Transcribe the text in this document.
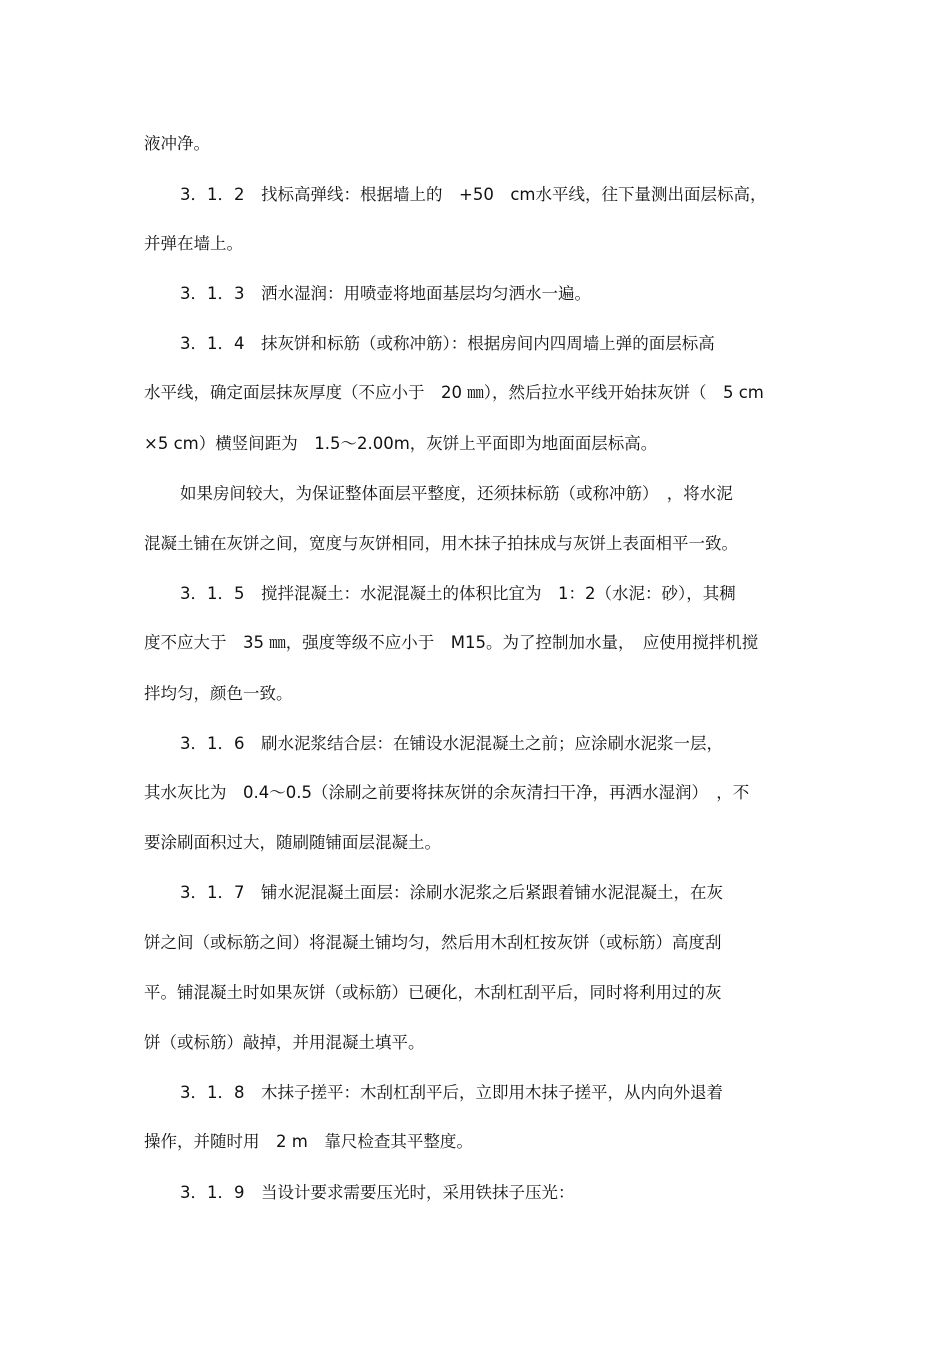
液冲净。
3．1．2　找标高弹线：根据墙上的　+50　cm水平线，往下量测出面层标高，
并弹在墙上。
3．1．3　洒水湿润：用喷壶将地面基层均匀洒水一遍。
3．1．4　抹灰饼和标筋（或称冲筋）：根据房间内四周墙上弹的面层标高
水平线，确定面层抹灰厚度（不应小于　20 ㎜），然后拉水平线开始抹灰饼（　5 cm
×5 cm）横竖间距为　1.5～2.00m，灰饼上平面即为地面面层标高。
如果房间较大，为保证整体面层平整度，还须抹标筋（或称冲筋）　，将水泥
混凝土铺在灰饼之间，宽度与灰饼相同，用木抹子拍抹成与灰饼上表面相平一致。
3．1．5　搅拌混凝土：水泥混凝土的体积比宜为　1：2（水泥：砂），其稠
度不应大于　35 ㎜，强度等级不应小于　M15。为了控制加水量，　应使用搅拌机搅
拌均匀，颜色一致。
3．1．6　刷水泥浆结合层：在铺设水泥混凝土之前；应涂刷水泥浆一层，
其水灰比为　0.4～0.5（涂刷之前要将抹灰饼的余灰清扫干净，再洒水湿润）　，不
要涂刷面积过大，随刷随铺面层混凝土。
3．1．7　铺水泥混凝土面层：涂刷水泥浆之后紧跟着铺水泥混凝土，在灰
饼之间（或标筋之间）将混凝土铺均匀，然后用木刮杠按灰饼（或标筋）高度刮
平。铺混凝土时如果灰饼（或标筋）已硬化，木刮杠刮平后，同时将利用过的灰
饼（或标筋）敲掉，并用混凝土填平。
3．1．8　木抹子搓平：木刮杠刮平后，立即用木抹子搓平，从内向外退着
操作，并随时用　2 m　靠尺检查其平整度。
3．1．9　当设计要求需要压光时，采用铁抹子压光：
